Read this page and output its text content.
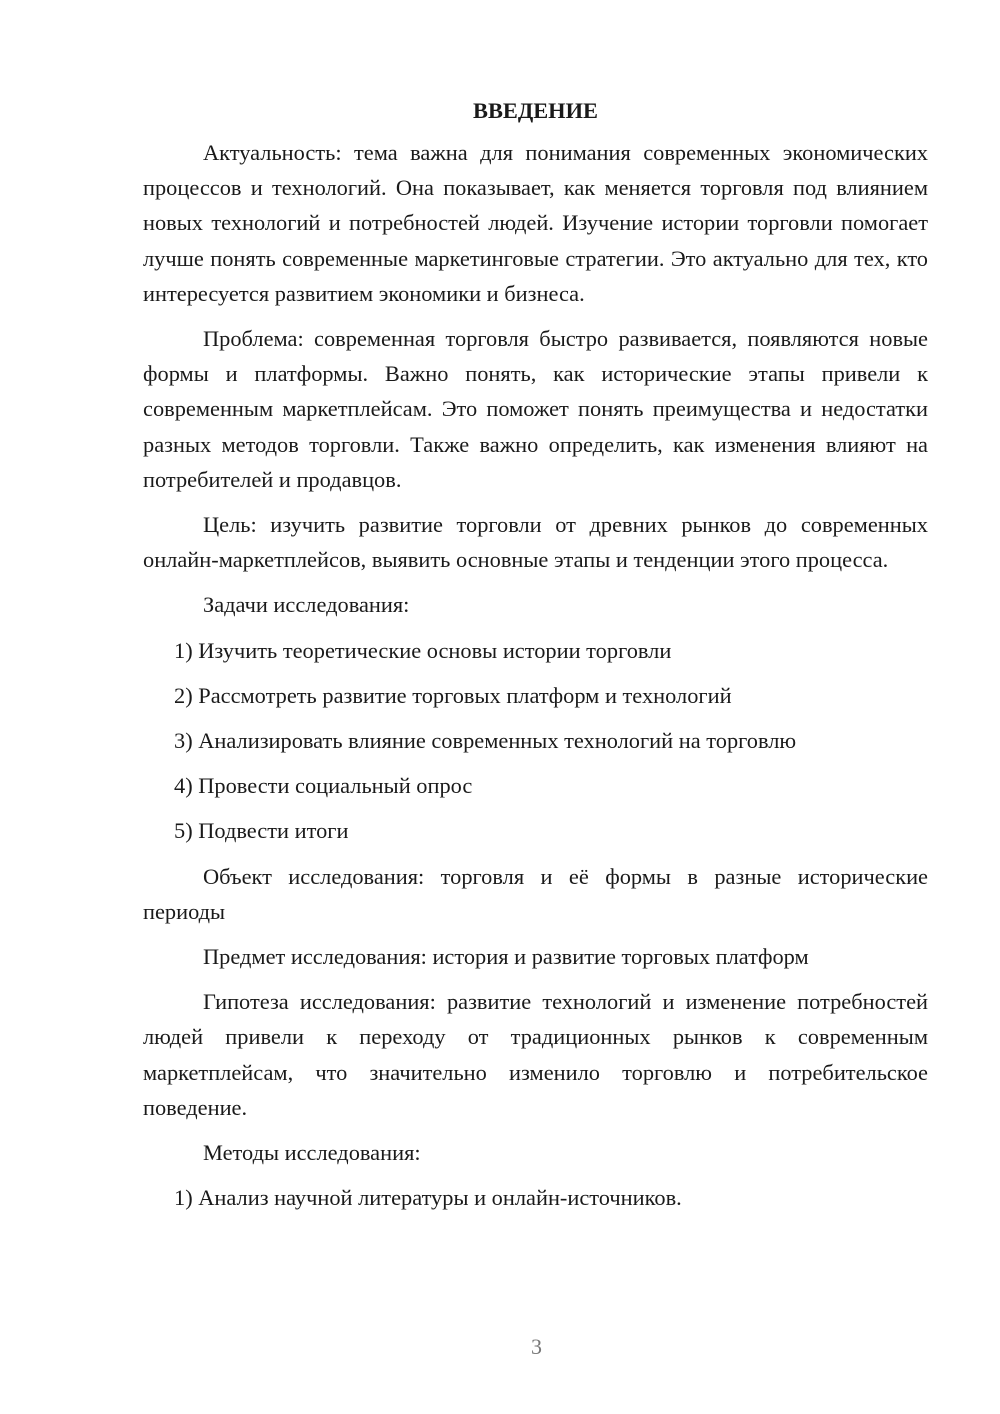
ВВЕДЕНИЕ

Актуальность: тема важна для понимания современных экономических процессов и технологий. Она показывает, как меняется торговля под влиянием новых технологий и потребностей людей. Изучение истории торговли помогает лучше понять современные маркетинговые стратегии. Это актуально для тех, кто интересуется развитием экономики и бизнеса.

Проблема: современная торговля быстро развивается, появляются новые формы и платформы. Важно понять, как исторические этапы привели к современным маркетплейсам. Это поможет понять преимущества и недостатки разных методов торговли. Также важно определить, как изменения влияют на потребителей и продавцов.

Цель: изучить развитие торговли от древних рынков до современных онлайн-маркетплейсов, выявить основные этапы и тенденции этого процесса.

Задачи исследования:
1) Изучить теоретические основы истории торговли
2) Рассмотреть развитие торговых платформ и технологий
3) Анализировать влияние современных технологий на торговлю
4) Провести социальный опрос
5) Подвести итоги

Объект исследования: торговля и её формы в разные исторические периоды

Предмет исследования: история и развитие торговых платформ

Гипотеза исследования: развитие технологий и изменение потребностей людей привели к переходу от традиционных рынков к современным маркетплейсам, что значительно изменило торговлю и потребительское поведение.

Методы исследования:
1) Анализ научной литературы и онлайн-источников.
3
